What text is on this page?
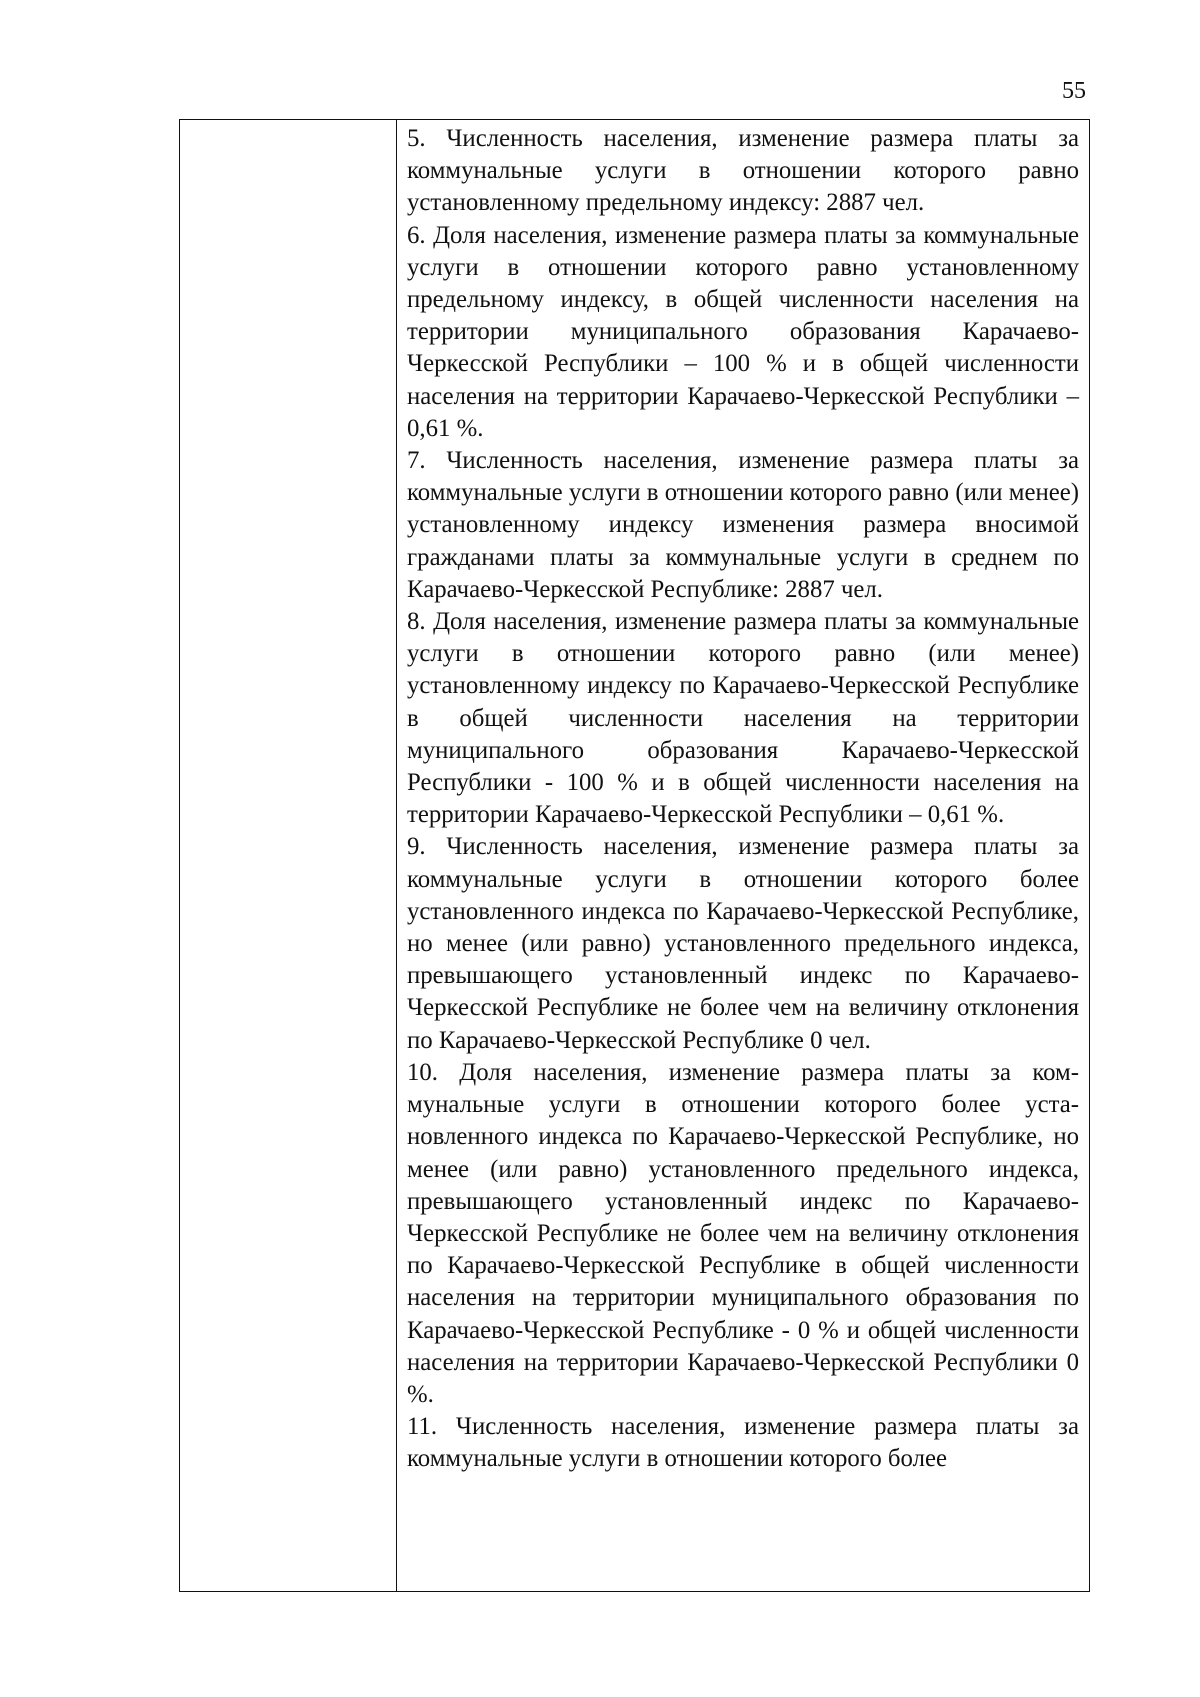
55

5. Численность населения, изменение размера платы за коммунальные услуги в отношении которого равно установленному предельному индексу: 2887 чел.

6. Доля населения, изменение размера платы за коммунальные услуги в отношении которого равно установленному предельному индексу, в общей численности населения на территории муниципального образования Карачаево-Черкесской Республики – 100 % и в общей численности населения на территории Карачаево-Черкесской Республики – 0,61 %.

7. Численность населения, изменение размера платы за коммунальные услуги в отношении которого равно (или менее) установленному индексу изменения размера вносимой гражданами платы за коммунальные услуги в среднем по Карачаево-Черкесской Республике: 2887 чел.

8. Доля населения, изменение размера платы за коммунальные услуги в отношении которого равно (или менее) установленному индексу по Карачаево-Черкесской Республике в общей численности населения на территории муниципального образования Карачаево-Черкесской Республики - 100 % и в общей численности населения на территории Карачаево-Черкесской Республики – 0,61 %.

9. Численность населения, изменение размера платы за коммунальные услуги в отношении которого более установленного индекса по Карачаево-Черкесской Республике, но менее (или равно) установленного предельного индекса, превышающего установленный индекс по Карачаево-Черкесской Республике не более чем на величину отклонения по Карачаево-Черкесской Республике 0 чел.

10. Доля населения, изменение размера платы за коммунальные услуги в отношении которого более установленного индекса по Карачаево-Черкесской Республике, но менее (или равно) установленного предельного индекса, превышающего установленный индекс по Карачаево-Черкесской Республике не более чем на величину отклонения по Карачаево-Черкесской Республике в общей численности населения на территории муниципального образования по Карачаево-Черкесской Республике - 0 % и общей численности населения на территории Карачаево-Черкесской Республики 0 %.

11. Численность населения, изменение размера платы за коммунальные услуги в отношении которого более
